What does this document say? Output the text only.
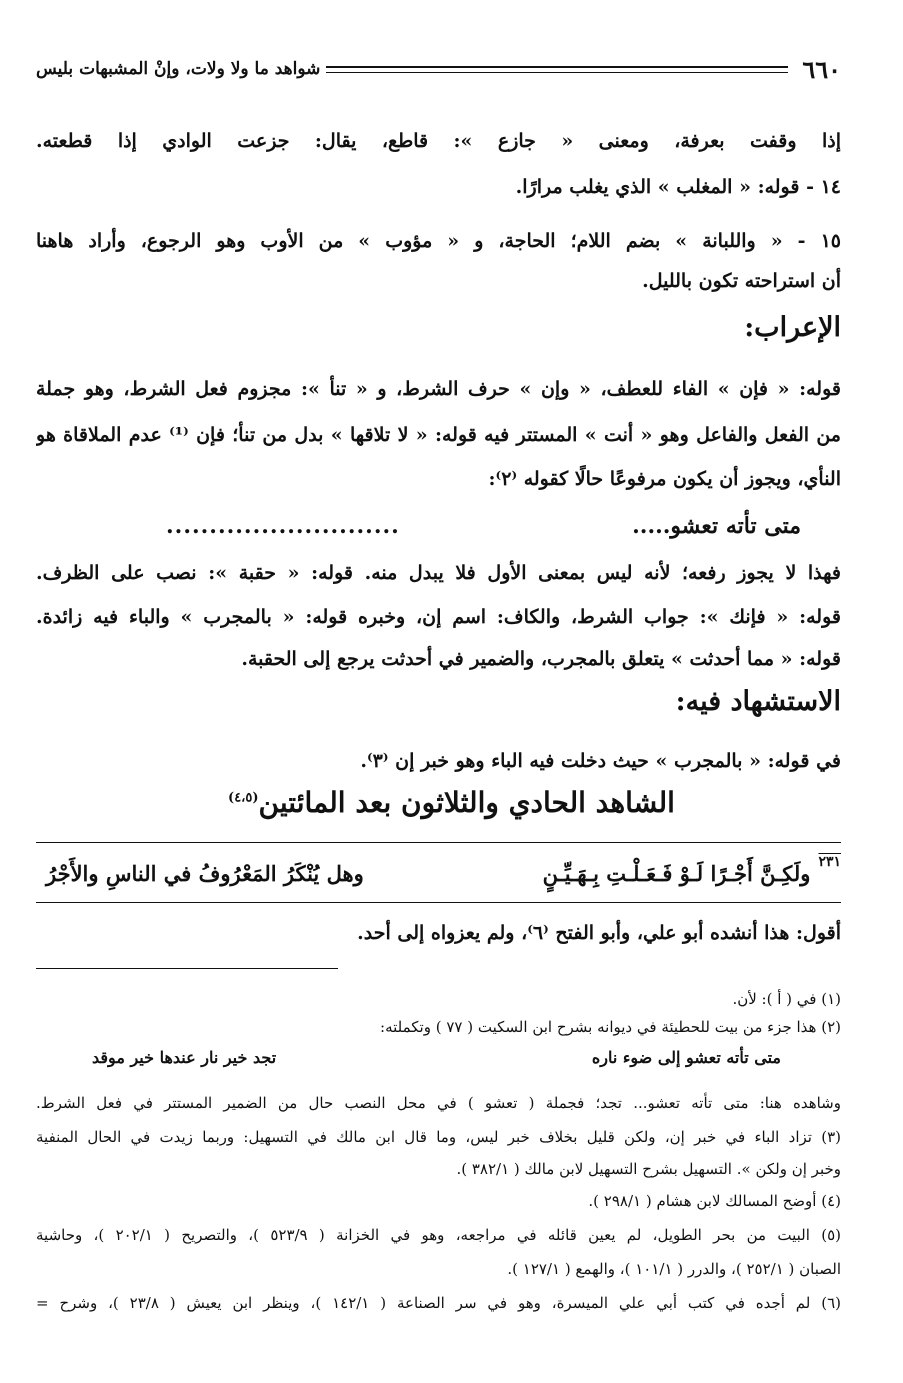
٦٦٠
شواهد ما ولا ولات، وإنْ المشبهات بليس
إذا وقفت بعرفة، ومعنى « جازع »: قاطع، يقال: جزعت الوادي إذا قطعته.
١٤ - قوله: « المغلب » الذي يغلب مرارًا.
١٥ - « واللبانة » بضم اللام؛ الحاجة، و « مؤوب » من الأوب وهو الرجوع، وأراد هاهنا
أن استراحته تكون بالليل.
الإعراب:
قوله: « فإن » الفاء للعطف، « وإن » حرف الشرط، و « تنأ »: مجزوم فعل الشرط، وهو جملة
من الفعل والفاعل وهو « أنت » المستتر فيه قوله: « لا تلاقها » بدل من تنأ؛ فإن ⁽¹⁾ عدم الملاقاة هو
النأي، ويجوز أن يكون مرفوعًا حالًا كقوله ⁽٢⁾:
متى تأته تعشو.....
...........................
فهذا لا يجوز رفعه؛ لأنه ليس بمعنى الأول فلا يبدل منه. قوله: « حقبة »: نصب على الظرف.
قوله: « فإنك »: جواب الشرط، والكاف: اسم إن، وخبره قوله: « بالمجرب » والباء فيه زائدة.
قوله: « مما أحدثت » يتعلق بالمجرب، والضمير في أحدثت يرجع إلى الحقبة.
الاستشهاد فيه:
في قوله: « بالمجرب » حيث دخلت فيه الباء وهو خبر إن ⁽٣⁾.
الشاهد الحادي والثلاثون بعد المائتين$^{(٤،٥)}$
٢٣١
ولَكِـنَّ أَجْـرًا لَـوْ فَـعَـلْـتِ بِـهَـيِّـنٍ
وهل يُنْكَرُ المَعْرُوفُ في الناسِ والأَجْرُ
أقول: هذا أنشده أبو علي، وأبو الفتح ⁽٦⁾، ولم يعزواه إلى أحد.
(١) في ( أ ): لأن.
(٢) هذا جزء من بيت للحطيئة في ديوانه بشرح ابن السكيت ( ٧٧ ) وتكملته:
متى تأته تعشو إلى ضوء ناره
تجد خير نار عندها خير موقد
وشاهده هنا: متى تأته تعشو... تجد؛ فجملة ( تعشو ) في محل النصب حال من الضمير المستتر في فعل الشرط.
(٣) تزاد الباء في خبر إن، ولكن قليل بخلاف خبر ليس، وما قال ابن مالك في التسهيل: وربما زيدت في الحال المنفية
وخبر إن ولكن ». التسهيل بشرح التسهيل لابن مالك ( ٣٨٢/١ ).
(٤) أوضح المسالك لابن هشام ( ٢٩٨/١ ).
(٥) البيت من بحر الطويل، لم يعين قائله في مراجعه، وهو في الخزانة ( ٥٢٣/٩ )، والتصريح ( ٢٠٢/١ )، وحاشية
الصبان ( ٢٥٢/١ )، والدرر ( ١٠١/١ )، والهمع ( ١٢٧/١ ).
(٦) لم أجده في كتب أبي علي الميسرة، وهو في سر الصناعة ( ١٤٢/١ )، وينظر ابن يعيش ( ٢٣/٨ )، وشرح =
